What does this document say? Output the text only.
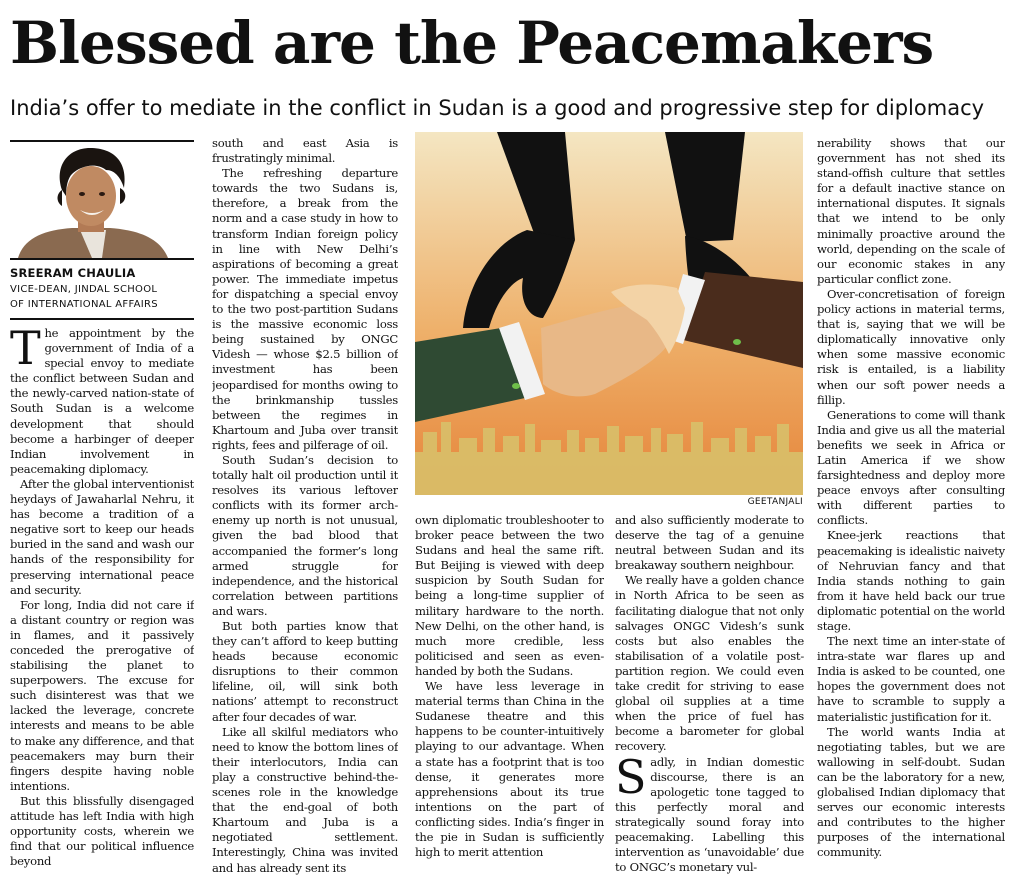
Blessed are the Peacemakers
India’s offer to mediate in the conflict in Sudan is a good and progressive step for diplomacy
SREERAM CHAULIA
VICE-DEAN, JINDAL SCHOOL
OF INTERNATIONAL AFFAIRS
GEETANJALI

The appointment by the government of India of a special envoy to mediate the conflict between Sudan and the newly-carved nation-state of South Sudan is a welcome development that should become a harbinger of deeper Indian involvement in peacemaking diplomacy.

After the global interventionist heydays of Jawaharlal Nehru, it has become a tradition of a negative sort to keep our heads buried in the sand and wash our hands of the responsibility for preserving international peace and security.

For long, India did not care if a distant country or region was in flames, and it passively conceded the prerogative of stabilising the planet to superpowers. The excuse for such disinterest was that we lacked the leverage, concrete interests and means to be able to make any difference, and that peacemakers may burn their fingers despite having noble intentions.

But this blissfully disengaged attitude has left India with high opportunity costs, wherein we find that our political influence beyond

south and east Asia is frustratingly minimal.

The refreshing departure towards the two Sudans is, therefore, a break from the norm and a case study in how to transform Indian foreign policy in line with New Delhi’s aspirations of becoming a great power. The immediate impetus for dispatching a special envoy to the two post-partition Sudans is the massive economic loss being sustained by ONGC Videsh — whose $2.5 billion of investment has been jeopardised for months owing to the brinkmanship tussles between the regimes in Khartoum and Juba over transit rights, fees and pilferage of oil.

South Sudan’s decision to totally halt oil production until it resolves its various leftover conflicts with its former arch-enemy up north is not unusual, given the bad blood that accompanied the former’s long armed struggle for independence, and the historical correlation between partitions and wars.

But both parties know that they can’t afford to keep butting heads because economic disruptions to their common lifeline, oil, will sink both nations’ attempt to reconstruct after four decades of war.

Like all skilful mediators who need to know the bottom lines of their interlocutors, India can play a constructive behind-the-scenes role in the knowledge that the end-goal of both Khartoum and Juba is a negotiated settlement. Interestingly, China was invited and has already sent its

own diplomatic troubleshooter to broker peace between the two Sudans and heal the same rift. But Beijing is viewed with deep suspicion by South Sudan for being a long-time supplier of military hardware to the north. New Delhi, on the other hand, is much more credible, less politicised and seen as even-handed by both the Sudans.

We have less leverage in material terms than China in the Sudanese theatre and this happens to be counter-intuitively playing to our advantage. When a state has a footprint that is too dense, it generates more apprehensions about its true intentions on the part of conflicting sides. India’s finger in the pie in Sudan is sufficiently high to merit attention

and also sufficiently moderate to deserve the tag of a genuine neutral between Sudan and its breakaway southern neighbour.

We really have a golden chance in North Africa to be seen as facilitating dialogue that not only salvages ONGC Videsh’s sunk costs but also enables the stabilisation of a volatile post-partition region. We could even take credit for striving to ease global oil supplies at a time when the price of fuel has become a barometer for global recovery.

Sadly, in Indian domestic discourse, there is an apologetic tone tagged to this perfectly moral and strategically sound foray into peacemaking. Labelling this intervention as ‘unavoidable’ due to ONGC’s monetary vul-

nerability shows that our government has not shed its stand-offish culture that settles for a default inactive stance on international disputes. It signals that we intend to be only minimally proactive around the world, depending on the scale of our economic stakes in any particular conflict zone.

Over-concretisation of foreign policy actions in material terms, that is, saying that we will be diplomatically innovative only when some massive economic risk is entailed, is a liability when our soft power needs a fillip.

Generations to come will thank India and give us all the material benefits we seek in Africa or Latin America if we show farsightedness and deploy more peace envoys after consulting with different parties to conflicts.

Knee-jerk reactions that peacemaking is idealistic naivety of Nehruvian fancy and that India stands nothing to gain from it have held back our true diplomatic potential on the world stage.

The next time an inter-state of intra-state war flares up and India is asked to be counted, one hopes the government does not have to scramble to supply a materialistic justification for it.

The world wants India at negotiating tables, but we are wallowing in self-doubt. Sudan can be the laboratory for a new, globalised Indian diplomacy that serves our economic interests and contributes to the higher purposes of the international community.
